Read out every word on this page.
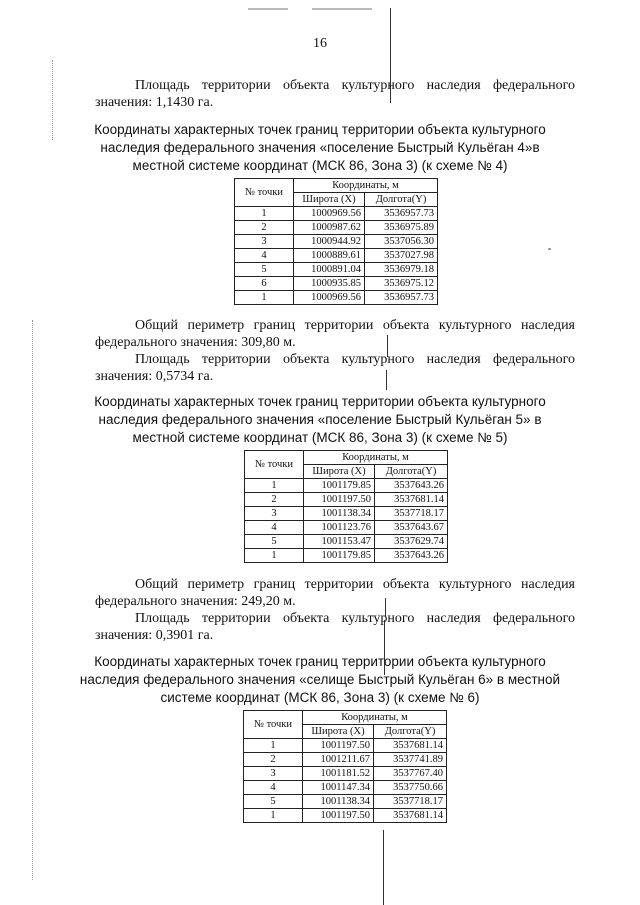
16
Площадь территории объекта культурного наследия федерального
значения: 1,1430 га.
Координаты характерных точек границ территории объекта культурного
наследия федерального значения «поселение Быстрый Кульёган 4»в
местной системе координат (МСК 86, Зона 3) (к схеме № 4)
№ точки	Координаты, м	
	Широта (X)	Долгота(Y)
1	1000969.56	3536957.73
2	1000987.62	3536975.89
3	1000944.92	3537056.30
4	1000889.61	3537027.98
5	1000891.04	3536979.18
6	1000935.85	3536975.12
1	1000969.56	3536957.73
Общий периметр границ территории объекта культурного наследия
федерального значения: 309,80 м.
Площадь территории объекта культурного наследия федерального
значения: 0,5734 га.
Координаты характерных точек границ территории объекта культурного
наследия федерального значения «поселение Быстрый Кульёган 5» в
местной системе координат (МСК 86, Зона 3) (к схеме № 5)
№ точки	Координаты, м	
	Широта (X)	Долгота(Y)
1	1001179.85	3537643.26
2	1001197.50	3537681.14
3	1001138.34	3537718.17
4	1001123.76	3537643.67
5	1001153.47	3537629.74
1	1001179.85	3537643.26
Общий периметр границ территории объекта культурного наследия
федерального значения: 249,20 м.
Площадь территории объекта культурного наследия федерального
значения: 0,3901 га.
Координаты характерных точек границ территории объекта культурного
наследия федерального значения «селище Быстрый Кульёган 6» в местной
системе координат (МСК 86, Зона 3) (к схеме № 6)
№ точки	Координаты, м	
	Широта (X)	Долгота(Y)
1	1001197.50	3537681.14
2	1001211.67	3537741.89
3	1001181.52	3537767.40
4	1001147.34	3537750.66
5	1001138.34	3537718.17
1	1001197.50	3537681.14
